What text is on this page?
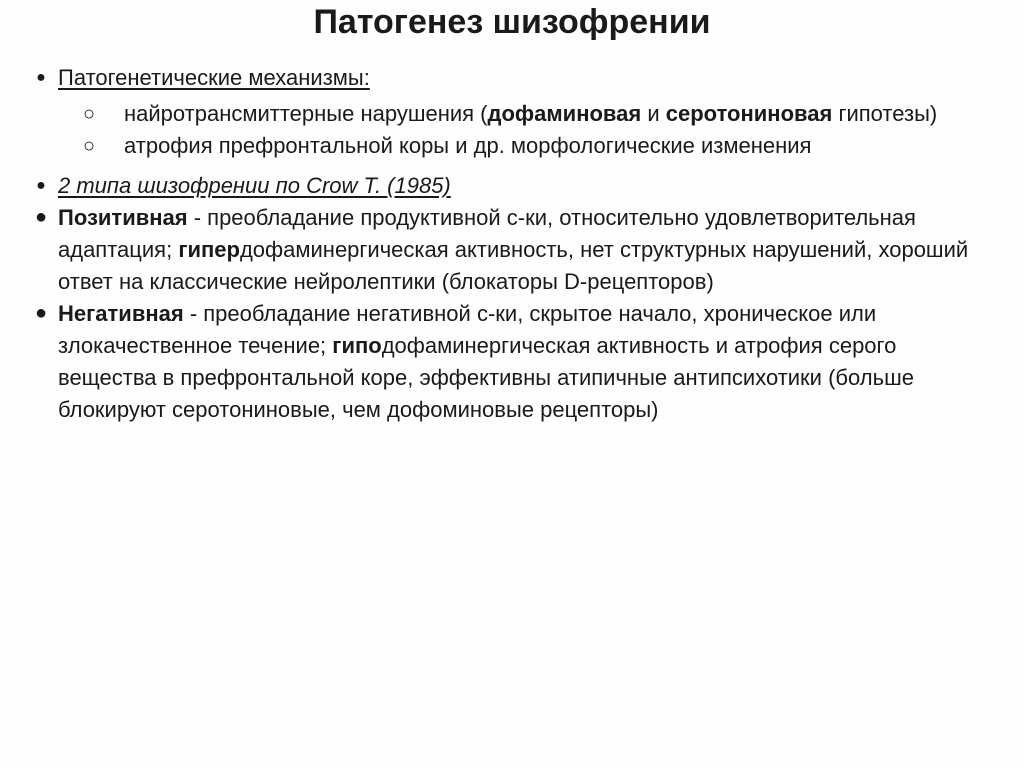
Патогенез шизофрении
● Патогенетические механизмы:
○ найротрансмиттерные нарушения (дофаминовая и серотониновая гипотезы)
○ атрофия префронтальной коры и др. морфологические изменения
● 2 типа шизофрении по Crow T. (1985)
● Позитивная - преобладание продуктивной с-ки, относительно удовлетворительная адаптация; гипердофаминергическая активность, нет структурных нарушений, хороший ответ на классические нейролептики (блокаторы D-рецепторов)
● Негативная - преобладание негативной с-ки, скрытое начало, хроническое или злокачественное течение; гиподофаминергическая активность и атрофия серого вещества в префронтальной коре, эффективны атипичные антипсихотики (больше блокируют серотониновые, чем дофоминовые рецепторы)
